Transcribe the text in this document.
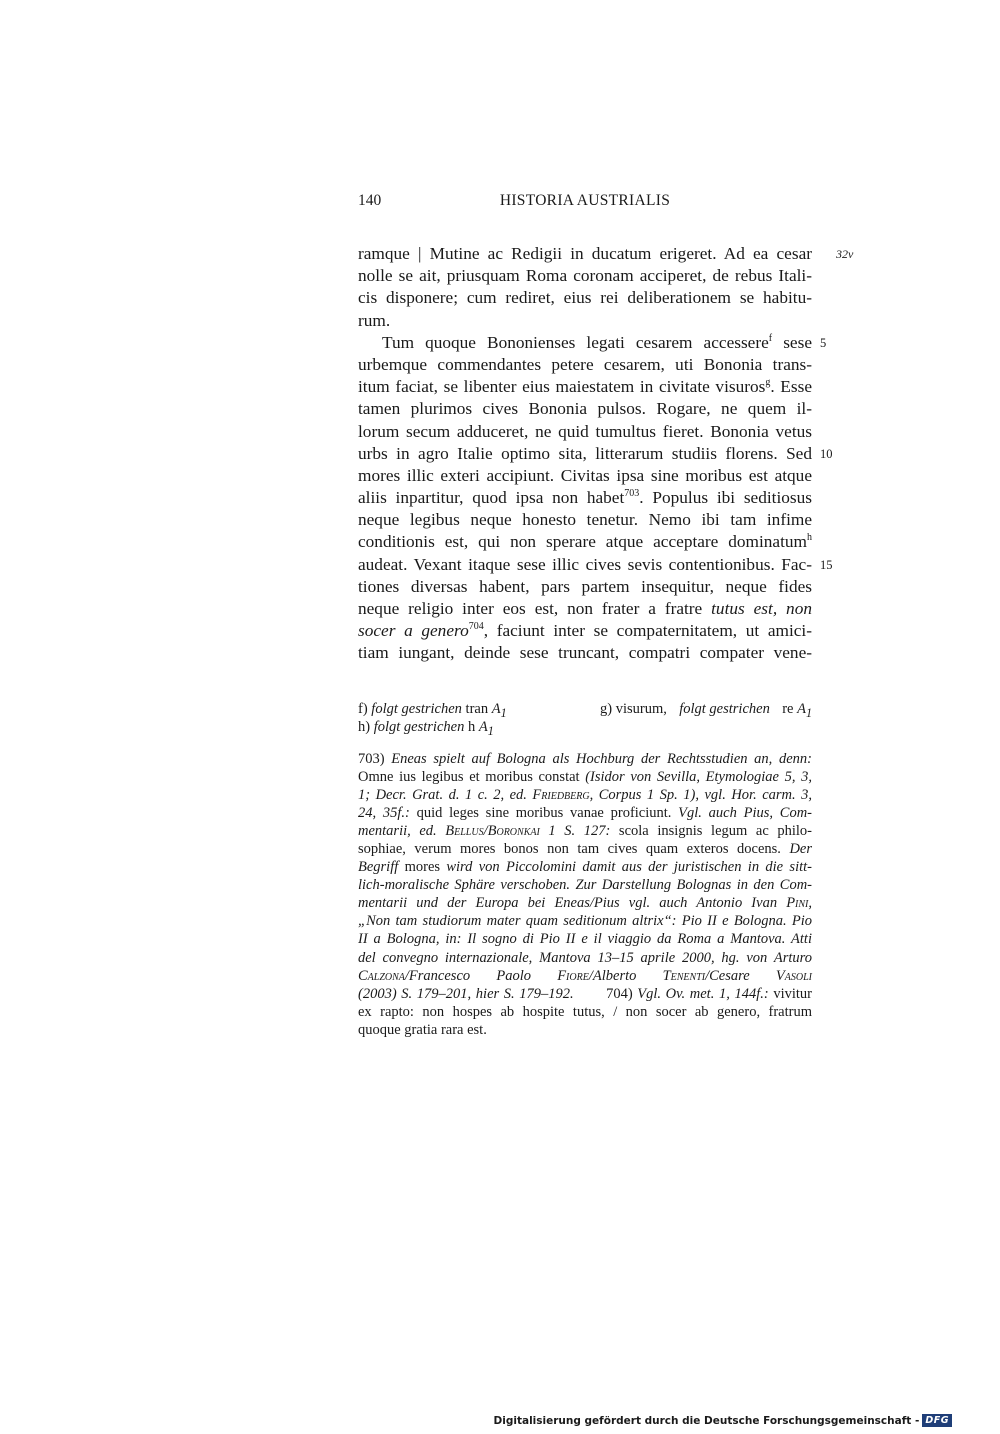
140	HISTORIA AUSTRIALIS
ramque | Mutine ac Redigii in ducatum erigeret. Ad ea cesar 32v
nolle se ait, priusquam Roma coronam acciperet, de rebus Itali-
cis disponere; cum rediret, eius rei deliberationem se habitu-
rum.
Tum quoque Bononienses legati cesarem accessere$^f$ sese 5
urbemque commendantes petere cesarem, uti Bononia trans-
itum faciat, se libenter eius maiestatem in civitate visuros$^g$. Esse
tamen plurimos cives Bononia pulsos. Rogare, ne quem il-
lorum secum adduceret, ne quid tumultus fieret. Bononia vetus
urbs in agro Italie optimo sita, litterarum studiis florens. Sed 10
mores illic exteri accipiunt. Civitas ipsa sine moribus est atque
aliis inpartitur, quod ipsa non habet$^{703}$. Populus ibi seditiosus
neque legibus neque honesto tenetur. Nemo ibi tam infime
conditionis est, qui non sperare atque acceptare dominatum$^h$
audeat. Vexant itaque sese illic cives sevis contentionibus. Fac- 15
tiones diversas habent, pars partem insequitur, neque fides
neque religio inter eos est, non frater a fratre tutus est, non
socer a genero$^{704}$, faciunt inter se compaternitatem, ut amici-
tiam iungant, deinde sese truncant, compatri compater vene-
f) folgt gestrichen tran $A_1$	g) visurum, folgt gestrichen re $A_1$
h) folgt gestrichen h $A_1$
703) Eneas spielt auf Bologna als Hochburg der Rechtsstudien an, denn:
Omne ius legibus et moribus constat (Isidor von Sevilla, Etymologiae 5, 3,
1; Decr. Grat. d. 1 c. 2, ed. Friedberg, Corpus 1 Sp. 1), vgl. Hor. carm. 3,
24, 35f.: quid leges sine moribus vanae proficiunt. Vgl. auch Pius, Com-
mentarii, ed. Bellus/Boronkai 1 S. 127: scola insignis legum ac philo-
sophiae, verum mores bonos non tam cives quam exteros docens. Der
Begriff mores wird von Piccolomini damit aus der juristischen in die sitt-
lich-moralische Sphäre verschoben. Zur Darstellung Bolognas in den Com-
mentarii und der Europa bei Eneas/Pius vgl. auch Antonio Ivan Pini,
„Non tam studiorum mater quam seditionum altrix“: Pio II e Bologna. Pio
II a Bologna, in: Il sogno di Pio II e il viaggio da Roma a Mantova. Atti
del convegno internazionale, Mantova 13–15 aprile 2000, hg. von Arturo
Calzona/Francesco Paolo Fiore/Alberto Tenenti/Cesare Vasoli
(2003) S. 179–201, hier S. 179–192. 704) Vgl. Ov. met. 1, 144f.: vivitur
ex rapto: non hospes ab hospite tutus, / non socer ab genero, fratrum
quoque gratia rara est.
Digitalisierung gefördert durch die Deutsche Forschungsgemeinschaft - DFG
